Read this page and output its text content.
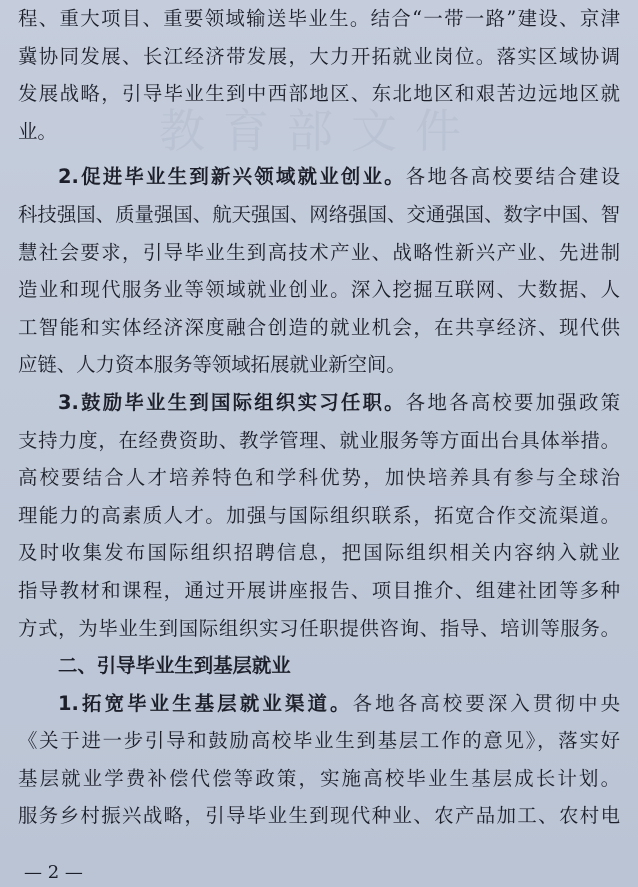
教育部文件
程、重大项目、重要领域输送毕业生。结合“一带一路”建设、京津
冀协同发展、长江经济带发展，大力开拓就业岗位。落实区域协调
发展战略，引导毕业生到中西部地区、东北地区和艰苦边远地区就
业。
2.促进毕业生到新兴领域就业创业。各地各高校要结合建设
科技强国、质量强国、航天强国、网络强国、交通强国、数字中国、智
慧社会要求，引导毕业生到高技术产业、战略性新兴产业、先进制
造业和现代服务业等领域就业创业。深入挖掘互联网、大数据、人
工智能和实体经济深度融合创造的就业机会，在共享经济、现代供
应链、人力资本服务等领域拓展就业新空间。
3.鼓励毕业生到国际组织实习任职。各地各高校要加强政策
支持力度，在经费资助、教学管理、就业服务等方面出台具体举措。
高校要结合人才培养特色和学科优势，加快培养具有参与全球治
理能力的高素质人才。加强与国际组织联系，拓宽合作交流渠道。
及时收集发布国际组织招聘信息，把国际组织相关内容纳入就业
指导教材和课程，通过开展讲座报告、项目推介、组建社团等多种
方式，为毕业生到国际组织实习任职提供咨询、指导、培训等服务。
二、引导毕业生到基层就业
1.拓宽毕业生基层就业渠道。各地各高校要深入贯彻中央
《关于进一步引导和鼓励高校毕业生到基层工作的意见》，落实好
基层就业学费补偿代偿等政策，实施高校毕业生基层成长计划。
服务乡村振兴战略，引导毕业生到现代种业、农产品加工、农村电
— 2 —
